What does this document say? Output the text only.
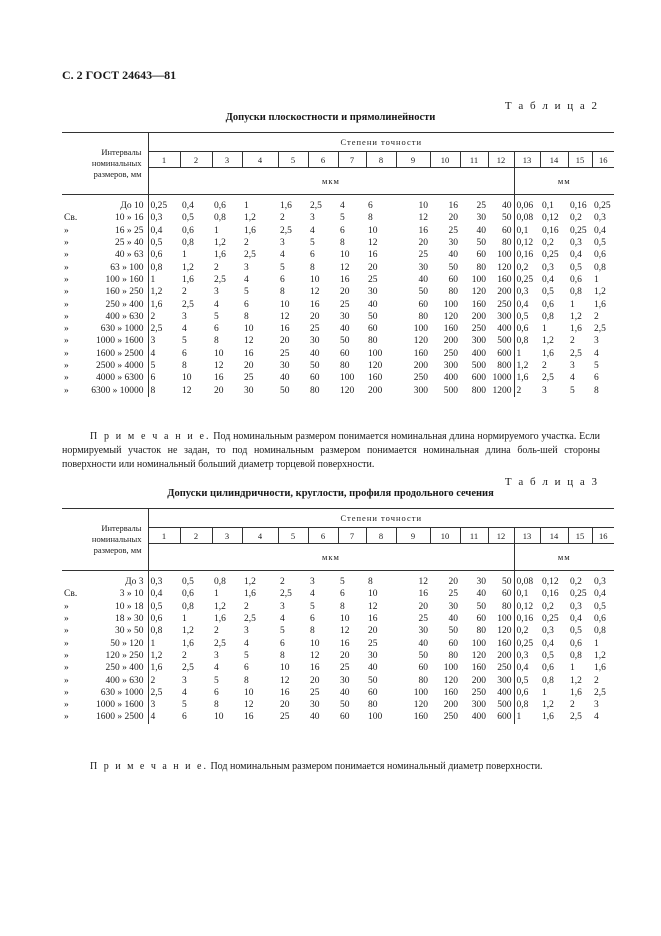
С. 2 ГОСТ 24643—81
Т а б л и ц а 2
Допуски плоскостности и прямолинейности
Интервалы
номинальных
размеров, мм	Степени точности															
	1	2	3	4	5	6	7	8	9	10	11	12	13	14	15	16
	мкм												мм			

До 10	0,25	0,4	0,6	1	1,6	2,5	4	6	10	16	25	40	0,06	0,1	0,16	0,25

Св. 10 » 16	0,3	0,5	0,8	1,2	2	3	5	8	12	20	30	50	0,08	0,12	0,2	0,3

» 16 » 25	0,4	0,6	1	1,6	2,5	4	6	10	16	25	40	60	0,1	0,16	0,25	0,4

» 25 » 40	0,5	0,8	1,2	2	3	5	8	12	20	30	50	80	0,12	0,2	0,3	0,5

» 40 » 63	0,6	1	1,6	2,5	4	6	10	16	25	40	60	100	0,16	0,25	0,4	0,6

» 63 » 100	0,8	1,2	2	3	5	8	12	20	30	50	80	120	0,2	0,3	0,5	0,8

» 100 » 160	1	1,6	2,5	4	6	10	16	25	40	60	100	160	0,25	0,4	0,6	1

» 160 » 250	1,2	2	3	5	8	12	20	30	50	80	120	200	0,3	0,5	0,8	1,2

» 250 » 400	1,6	2,5	4	6	10	16	25	40	60	100	160	250	0,4	0,6	1	1,6

» 400 » 630	2	3	5	8	12	20	30	50	80	120	200	300	0,5	0,8	1,2	2

» 630 » 1000	2,5	4	6	10	16	25	40	60	100	160	250	400	0,6	1	1,6	2,5

» 1000 » 1600	3	5	8	12	20	30	50	80	120	200	300	500	0,8	1,2	2	3

» 1600 » 2500	4	6	10	16	25	40	60	100	160	250	400	600	1	1,6	2,5	4

» 2500 » 4000	5	8	12	20	30	50	80	120	200	300	500	800	1,2	2	3	5

» 4000 » 6300	6	10	16	25	40	60	100	160	250	400	600	1000	1,6	2,5	4	6

» 6300 » 10000	8	12	20	30	50	80	120	200	300	500	800	1200	2	3	5	8
П р и м е ч а н и е. Под номинальным размером понимается номинальная длина нормируемого участка. Если нормируемый участок не задан, то под номинальным размером понимается номинальная длина боль-шей стороны поверхности или номинальный больший диаметр торцевой поверхности.
Т а б л и ц а 3
Допуски цилиндричности, круглости, профиля продольного сечения
Интервалы
номинальных
размеров, мм	Степени точности															
	1	2	3	4	5	6	7	8	9	10	11	12	13	14	15	16
	мкм												мм			

До 3	0,3	0,5	0,8	1,2	2	3	5	8	12	20	30	50	0,08	0,12	0,2	0,3

Св. 3 » 10	0,4	0,6	1	1,6	2,5	4	6	10	16	25	40	60	0,1	0,16	0,25	0,4

» 10 » 18	0,5	0,8	1,2	2	3	5	8	12	20	30	50	80	0,12	0,2	0,3	0,5

» 18 » 30	0,6	1	1,6	2,5	4	6	10	16	25	40	60	100	0,16	0,25	0,4	0,6

» 30 » 50	0,8	1,2	2	3	5	8	12	20	30	50	80	120	0,2	0,3	0,5	0,8

» 50 » 120	1	1,6	2,5	4	6	10	16	25	40	60	100	160	0,25	0,4	0,6	1

» 120 » 250	1,2	2	3	5	8	12	20	30	50	80	120	200	0,3	0,5	0,8	1,2

» 250 » 400	1,6	2,5	4	6	10	16	25	40	60	100	160	250	0,4	0,6	1	1,6

» 400 » 630	2	3	5	8	12	20	30	50	80	120	200	300	0,5	0,8	1,2	2

» 630 » 1000	2,5	4	6	10	16	25	40	60	100	160	250	400	0,6	1	1,6	2,5

» 1000 » 1600	3	5	8	12	20	30	50	80	120	200	300	500	0,8	1,2	2	3

» 1600 » 2500	4	6	10	16	25	40	60	100	160	250	400	600	1	1,6	2,5	4
П р и м е ч а н и е. Под номинальным размером понимается номинальный диаметр поверхности.
